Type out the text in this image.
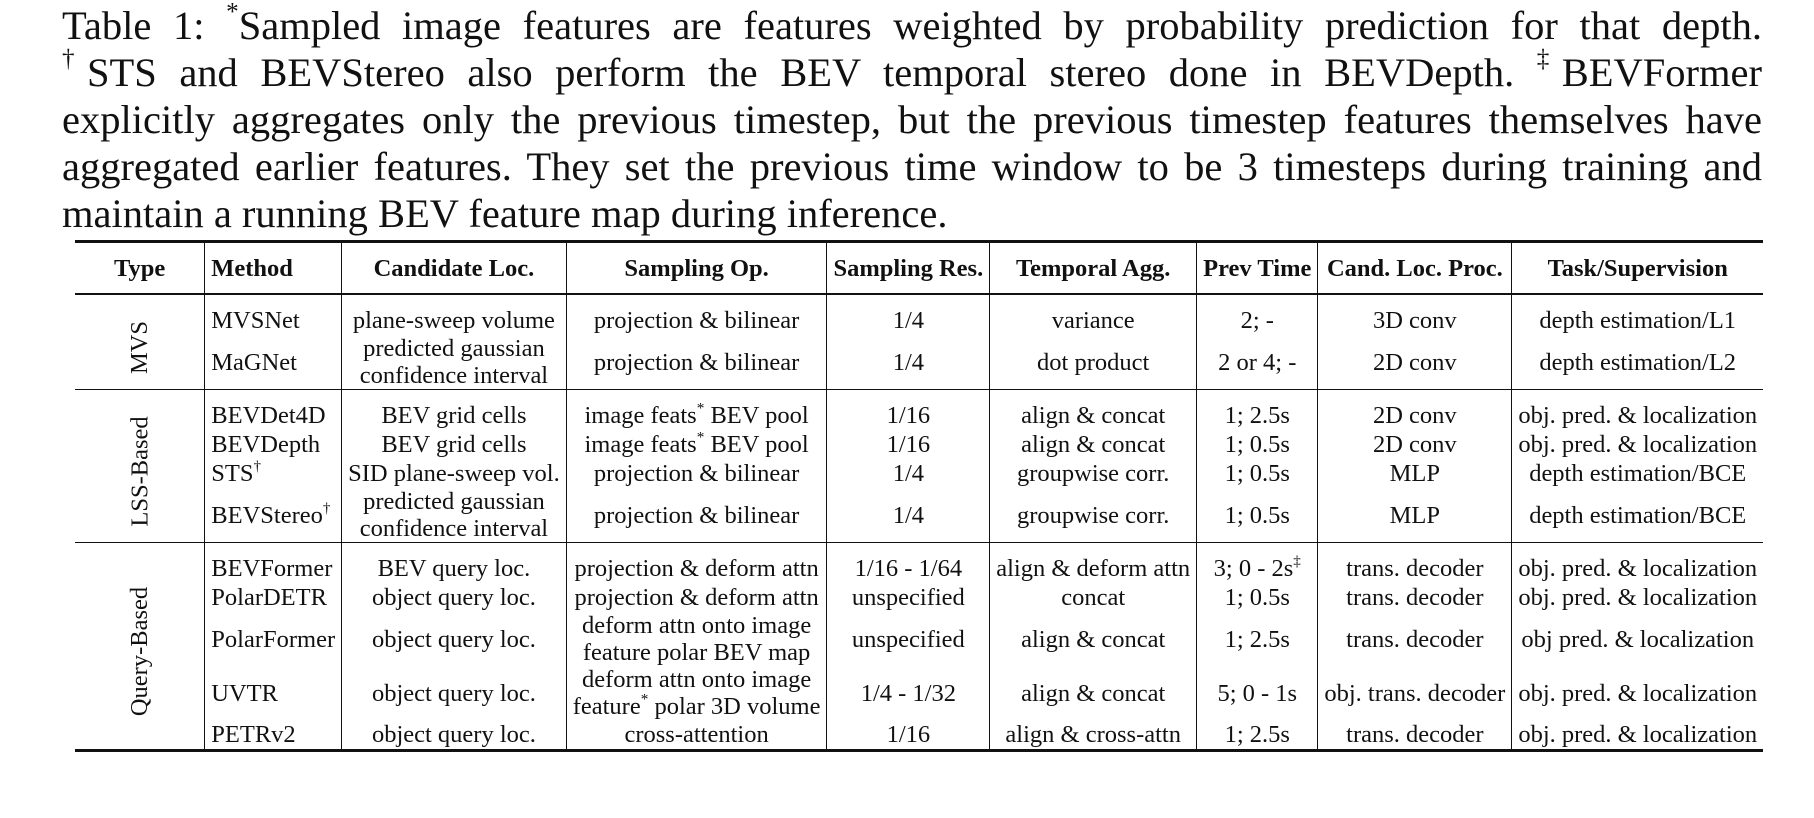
Table 1: *Sampled image features are features weighted by probability prediction for that depth.
†STS and BEVStereo also perform the BEV temporal stereo done in BEVDepth. ‡BEVFormer
explicitly aggregates only the previous timestep, but the previous timestep features themselves have
aggregated earlier features. They set the previous time window to be 3 timesteps during training and
maintain a running BEV feature map during inference.
Type	Method	Candidate Loc.	Sampling Op.	Sampling Res.	Temporal Agg.	Prev Time	Cand. Loc. Proc.	Task/Supervision

MVS	MVSNet	plane-sweep volume	projection & bilinear	1/4	variance	2; -	3D conv	depth estimation/L1
	MaGNet	predicted gaussian
confidence interval	projection & bilinear	1/4	dot product	2 or 4; -	2D conv	depth estimation/L2

LSS-Based	BEVDet4D	BEV grid cells	image feats* BEV pool	1/16	align & concat	1; 2.5s	2D conv	obj. pred. & localization
	BEVDepth	BEV grid cells	image feats* BEV pool	1/16	align & concat	1; 0.5s	2D conv	obj. pred. & localization
	STS†	SID plane-sweep vol.	projection & bilinear	1/4	groupwise corr.	1; 0.5s	MLP	depth estimation/BCE
	BEVStereo†	predicted gaussian
confidence interval	projection & bilinear	1/4	groupwise corr.	1; 0.5s	MLP	depth estimation/BCE

Query-Based	BEVFormer	BEV query loc.	projection & deform attn	1/16 - 1/64	align & deform attn	3; 0 - 2s‡	trans. decoder	obj. pred. & localization
	PolarDETR	object query loc.	projection & deform attn	unspecified	concat	1; 0.5s	trans. decoder	obj. pred. & localization
	PolarFormer	object query loc.	deform attn onto image
feature polar BEV map	unspecified	align & concat	1; 2.5s	trans. decoder	obj pred. & localization
	UVTR	object query loc.	deform attn onto image
feature* polar 3D volume	1/4 - 1/32	align & concat	5; 0 - 1s	obj. trans. decoder	obj. pred. & localization
	PETRv2	object query loc.	cross-attention	1/16	align & cross-attn	1; 2.5s	trans. decoder	obj. pred. & localization
